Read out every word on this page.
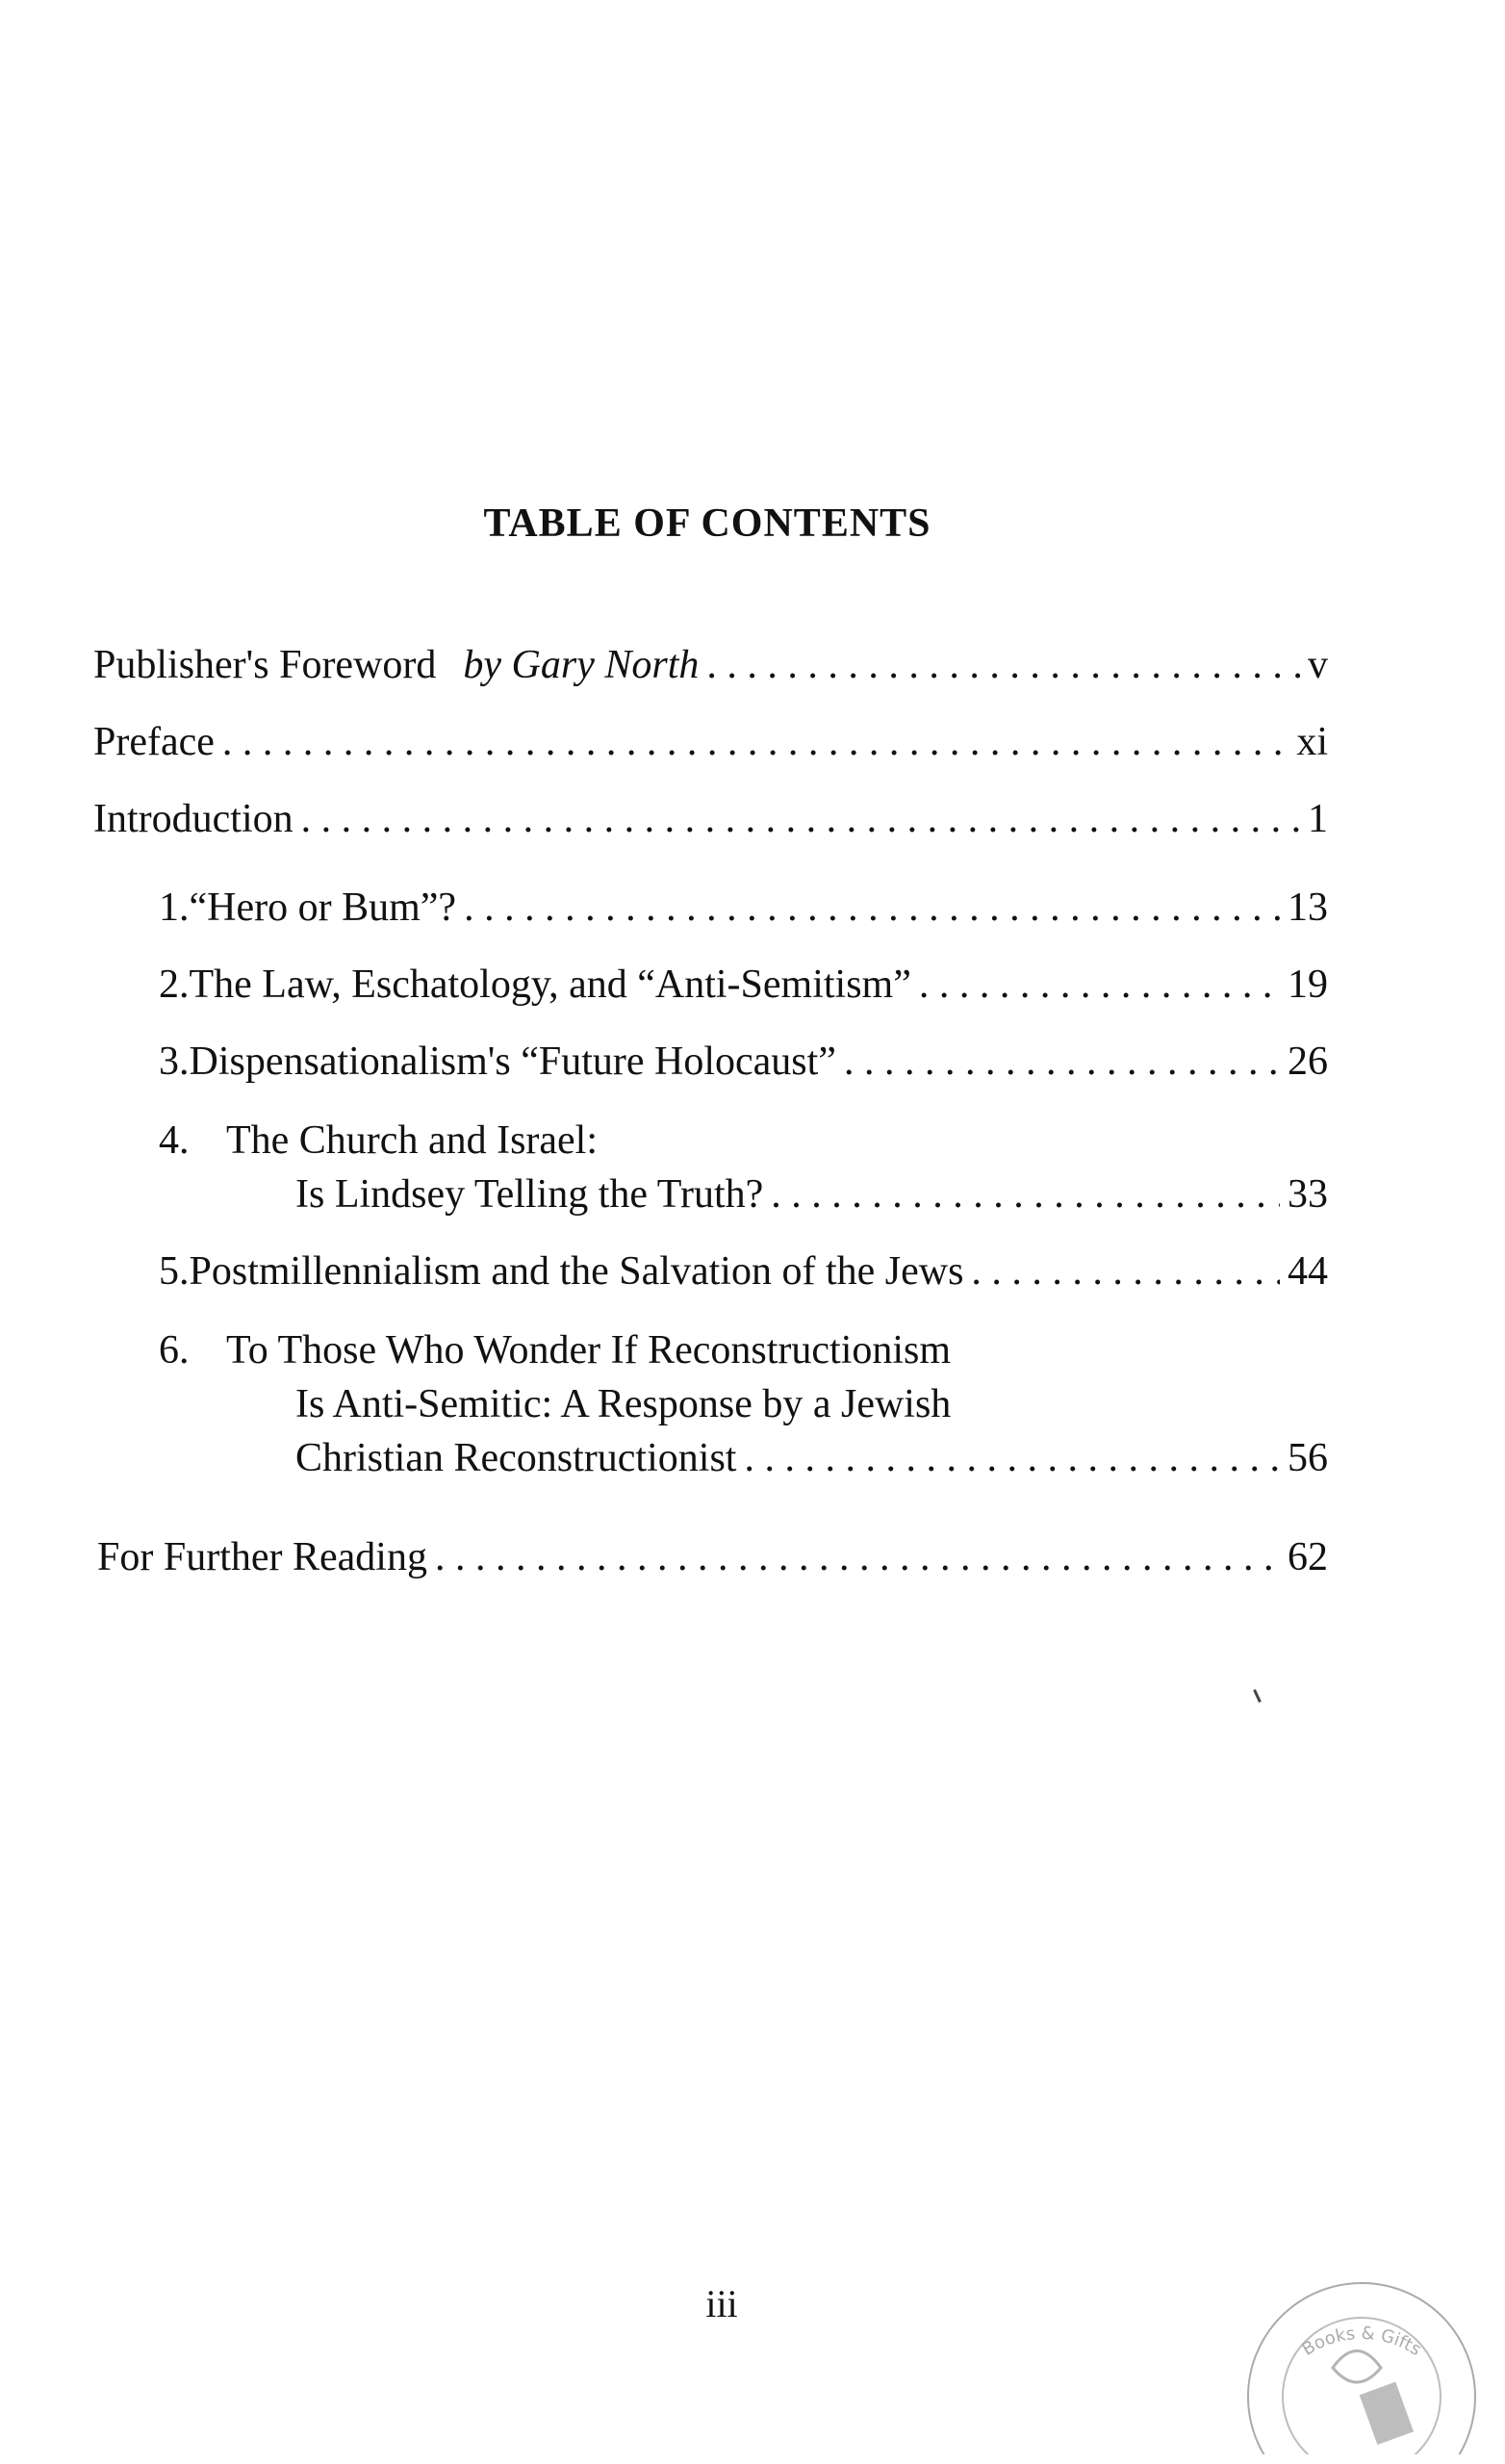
TABLE OF CONTENTS
Publisher's Foreword by Gary North . . .	v
Preface . . .	xi
Introduction . . .	1
1. “Hero or Bum”? . . .	13
2. The Law, Eschatology, and “Anti-Semitism” . . .	19
3. Dispensationalism's “Future Holocaust” . . .	26
4. The Church and Israel:
Is Lindsey Telling the Truth? . . .	33
5. Postmillennialism and the Salvation of the Jews . . .	44
6. To Those Who Wonder If Reconstructionism
Is Anti-Semitic: A Response by a Jewish
Christian Reconstructionist . . .	56
For Further Reading . . .	62
iii
Books & Gifts
